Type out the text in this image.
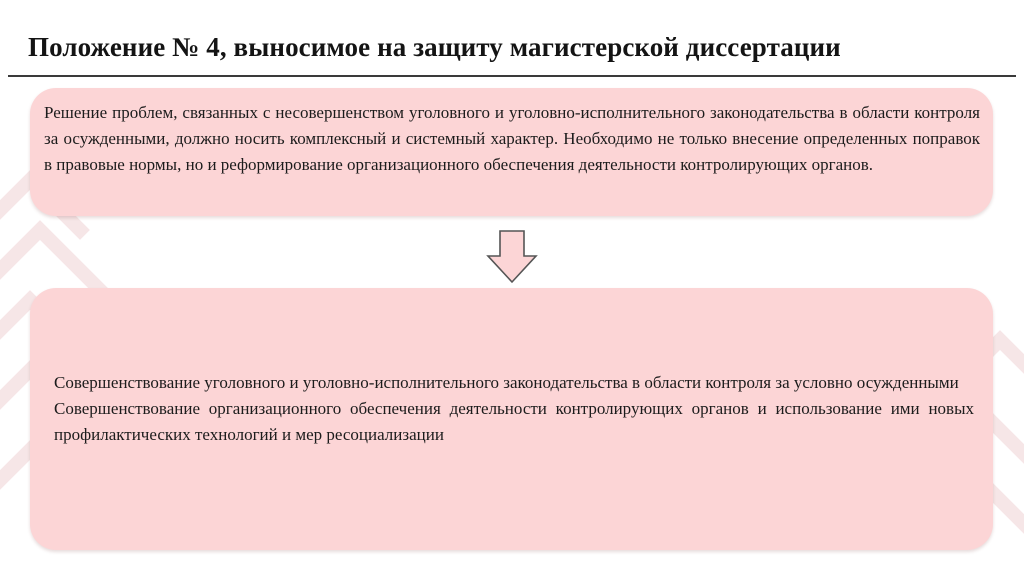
Положение № 4, выносимое на защиту магистерской диссертации

Решение проблем, связанных с несовершенством уголовного и уголовно-исполнительного законодательства в области контроля за осужденными, должно носить комплексный и системный характер. Необходимо не только внесение определенных поправок в правовые нормы, но и реформирование организационного обеспечения деятельности контролирующих органов.

Совершенствование уголовного и уголовно-исполнительного законодательства в области контроля за условно осужденными

Совершенствование организационного обеспечения деятельности контролирующих органов и использование ими новых профилактических технологий и мер ресоциализации
